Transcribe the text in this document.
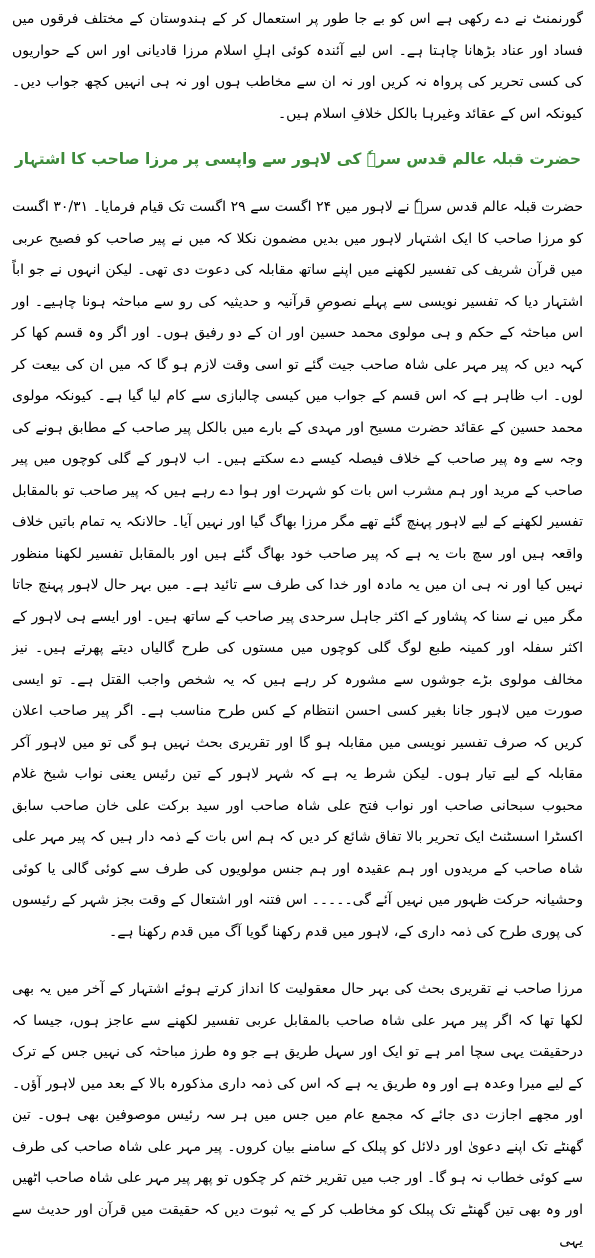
گورنمنٹ نے دے رکھی ہے اس کو بے جا طور پر استعمال کر کے ہندوستان کے مختلف فرقوں میں فساد اور عناد بڑھانا چاہتا ہے۔ اس لیے آئندہ کوئی اہلِ اسلام مرزا قادیانی اور اس کے حواریوں کی کسی تحریر کی پرواہ نہ کریں اور نہ ان سے مخاطب ہوں اور نہ ہی انہیں کچھ جواب دیں۔ کیونکہ اس کے عقائد وغیرہا بالکل خلافِ اسلام ہیں۔

حضرت قبلہ عالم قدس سرہٗ کی لاہور سے واپسی پر مرزا صاحب کا اشتہار

حضرت قبلہ عالم قدس سرہٗ نے لاہور میں ۲۴ اگست سے ۲۹ اگست تک قیام فرمایا۔ ۳۰/۳۱ اگست کو مرزا صاحب کا ایک اشتہار لاہور میں بدیں مضمون نکلا کہ میں نے پیر صاحب کو فصیح عربی میں قرآن شریف کی تفسیر لکھنے میں اپنے ساتھ مقابلہ کی دعوت دی تھی۔ لیکن انہوں نے جو اباً اشتہار دیا کہ تفسیر نویسی سے پہلے نصوصِ قرآنیہ و حدیثیہ کی رو سے مباحثہ ہونا چاہیے۔ اور اس مباحثہ کے حکم و ہی مولوی محمد حسین اور ان کے دو رفیق ہوں۔ اور اگر وہ قسم کھا کر کہہ دیں کہ پیر مہر علی شاہ صاحب جیت گئے تو اسی وقت لازم ہو گا کہ میں ان کی بیعت کر لوں۔ اب ظاہر ہے کہ اس قسم کے جواب میں کیسی چالبازی سے کام لیا گیا ہے۔ کیونکہ مولوی محمد حسین کے عقائد حضرت مسیح اور مہدی کے بارے میں بالکل پیر صاحب کے مطابق ہونے کی وجہ سے وہ پیر صاحب کے خلاف فیصلہ کیسے دے سکتے ہیں۔ اب لاہور کے گلی کوچوں میں پیر صاحب کے مرید اور ہم مشرب اس بات کو شہرت اور ہوا دے رہے ہیں کہ پیر صاحب تو بالمقابل تفسیر لکھنے کے لیے لاہور پہنچ گئے تھے مگر مرزا بھاگ گیا اور نہیں آیا۔ حالانکہ یہ تمام باتیں خلاف واقعہ ہیں اور سچ بات یہ ہے کہ پیر صاحب خود بھاگ گئے ہیں اور بالمقابل تفسیر لکھنا منظور نہیں کیا اور نہ ہی ان میں یہ مادہ اور خدا کی طرف سے تائید ہے۔ میں بہر حال لاہور پہنچ جاتا مگر میں نے سنا کہ پشاور کے اکثر جاہل سرحدی پیر صاحب کے ساتھ ہیں۔ اور ایسے ہی لاہور کے اکثر سفلہ اور کمینہ طبع لوگ گلی کوچوں میں مستوں کی طرح گالیاں دیتے پھرتے ہیں۔ نیز مخالف مولوی بڑے جوشوں سے مشورہ کر رہے ہیں کہ یہ شخص واجب القتل ہے۔ تو ایسی صورت میں لاہور جانا بغیر کسی احسن انتظام کے کس طرح مناسب ہے۔ اگر پیر صاحب اعلان کریں کہ صرف تفسیر نویسی میں مقابلہ ہو گا اور تقریری بحث نہیں ہو گی تو میں لاہور آکر مقابلہ کے لیے تیار ہوں۔ لیکن شرط یہ ہے کہ شہر لاہور کے تین رئیس یعنی نواب شیخ غلام محبوب سبحانی صاحب اور نواب فتح علی شاہ صاحب اور سید برکت علی خان صاحب سابق اکسٹرا اسسٹنٹ ایک تحریر بالا تفاق شائع کر دیں کہ ہم اس بات کے ذمہ دار ہیں کہ پیر مہر علی شاہ صاحب کے مریدوں اور ہم عقیدہ اور ہم جنس مولویوں کی طرف سے کوئی گالی یا کوئی وحشیانہ حرکت ظہور میں نہیں آئے گی۔۔۔۔۔ اس فتنہ اور اشتعال کے وقت بجز شہر کے رئیسوں کی پوری طرح کی ذمہ داری کے، لاہور میں قدم رکھنا گویا آگ میں قدم رکھنا ہے۔

مرزا صاحب نے تقریری بحث کی بہر حال معقولیت کا انداز کرتے ہوئے اشتہار کے آخر میں یہ بھی لکھا تھا کہ اگر پیر مہر علی شاہ صاحب بالمقابل عربی تفسیر لکھنے سے عاجز ہوں، جیسا کہ درحقیقت یہی سچا امر ہے تو ایک اور سہل طریق ہے جو وہ طرز مباحثہ کی نہیں جس کے ترک کے لیے میرا وعدہ ہے اور وہ طریق یہ ہے کہ اس کی ذمہ داری مذکورہ بالا کے بعد میں لاہور آؤں۔ اور مجھے اجازت دی جائے کہ مجمع عام میں جس میں ہر سہ رئیس موصوفین بھی ہوں۔ تین گھنٹے تک اپنے دعویٰ اور دلائل کو پبلک کے سامنے بیان کروں۔ پیر مہر علی شاہ صاحب کی طرف سے کوئی خطاب نہ ہو گا۔ اور جب میں تقریر ختم کر چکوں تو پھر پیر مہر علی شاہ صاحب اٹھیں اور وہ بھی تین گھنٹے تک پبلک کو مخاطب کر کے یہ ثبوت دیں کہ حقیقت میں قرآن اور حدیث سے یہی
